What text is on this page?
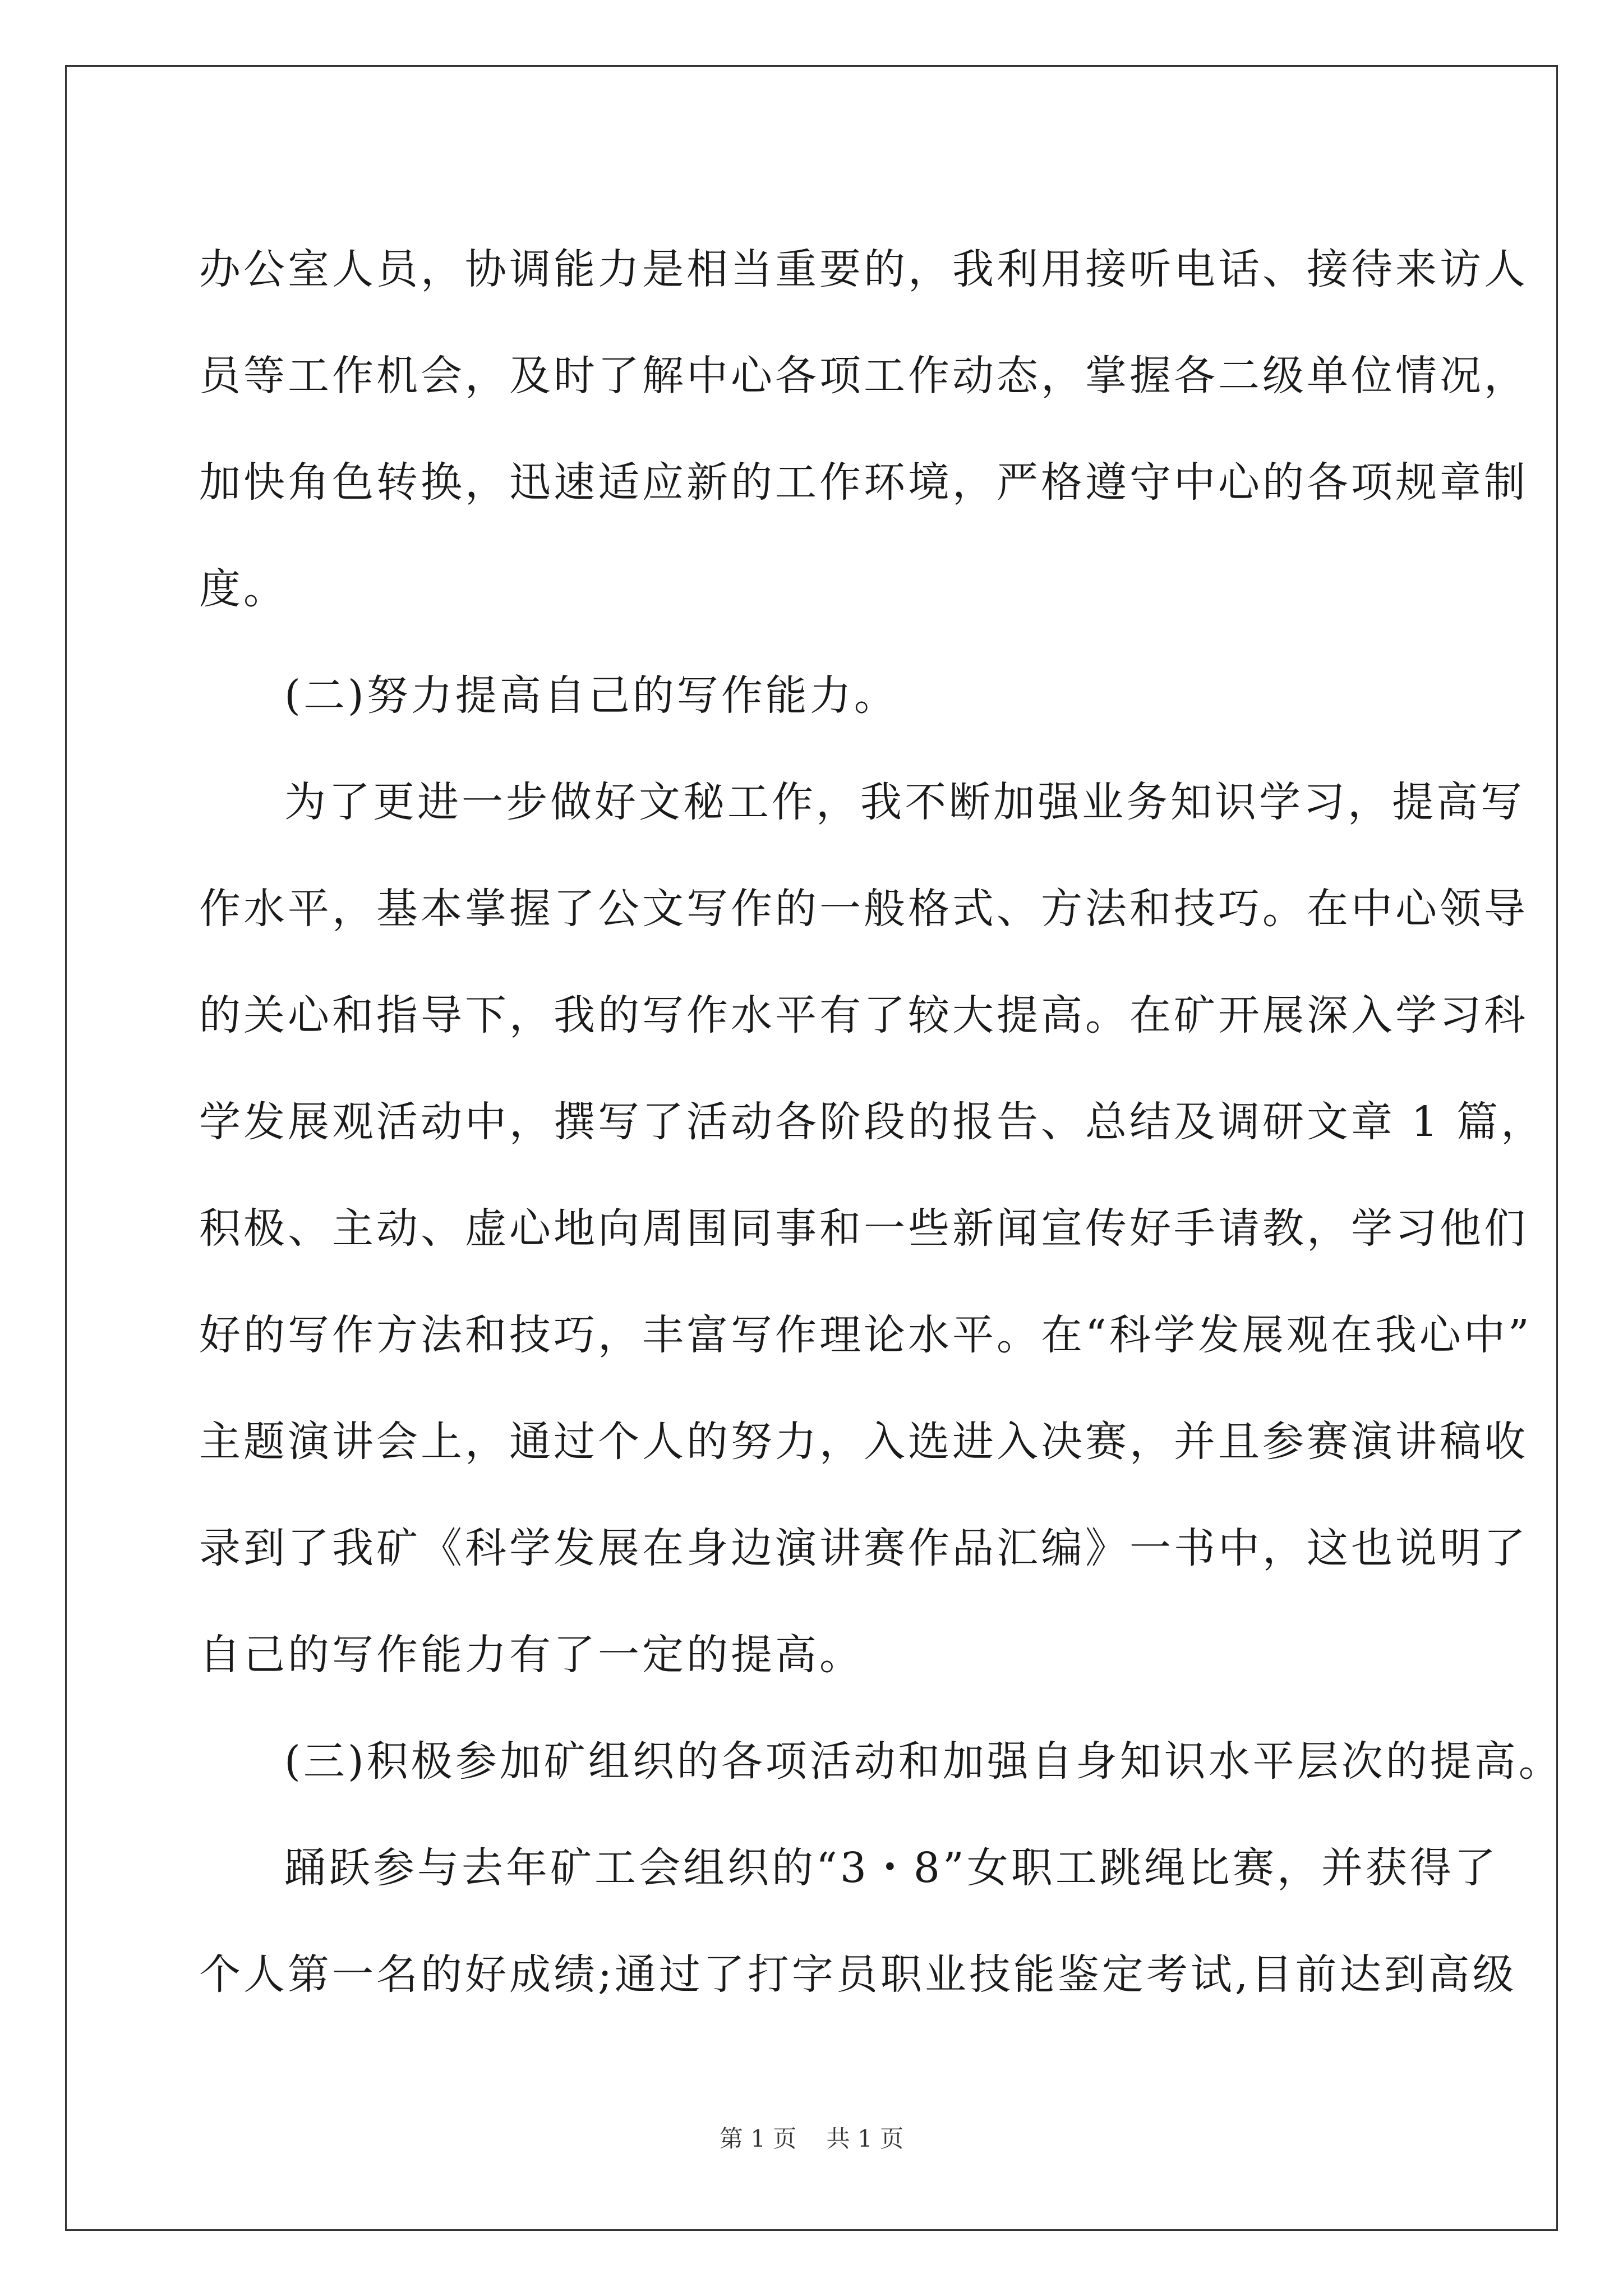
办公室人员，协调能力是相当重要的，我利用接听电话、接待来访人
员等工作机会，及时了解中心各项工作动态，掌握各二级单位情况，
加快角色转换，迅速适应新的工作环境，严格遵守中心的各项规章制
度。
(二)努力提高自己的写作能力。
为了更进一步做好文秘工作，我不断加强业务知识学习，提高写
作水平，基本掌握了公文写作的一般格式、方法和技巧。在中心领导
的关心和指导下，我的写作水平有了较大提高。在矿开展深入学习科
学发展观活动中，撰写了活动各阶段的报告、总结及调研文章 1 篇，
积极、主动、虚心地向周围同事和一些新闻宣传好手请教，学习他们
好的写作方法和技巧，丰富写作理论水平。在“科学发展观在我心中”
主题演讲会上，通过个人的努力，入选进入决赛，并且参赛演讲稿收
录到了我矿《科学发展在身边演讲赛作品汇编》一书中，这也说明了
自己的写作能力有了一定的提高。
(三)积极参加矿组织的各项活动和加强自身知识水平层次的提高。
踊跃参与去年矿工会组织的“3・8”女职工跳绳比赛，并获得了
个人第一名的好成绩;通过了打字员职业技能鉴定考试,目前达到高级
第 1 页 共 1 页
